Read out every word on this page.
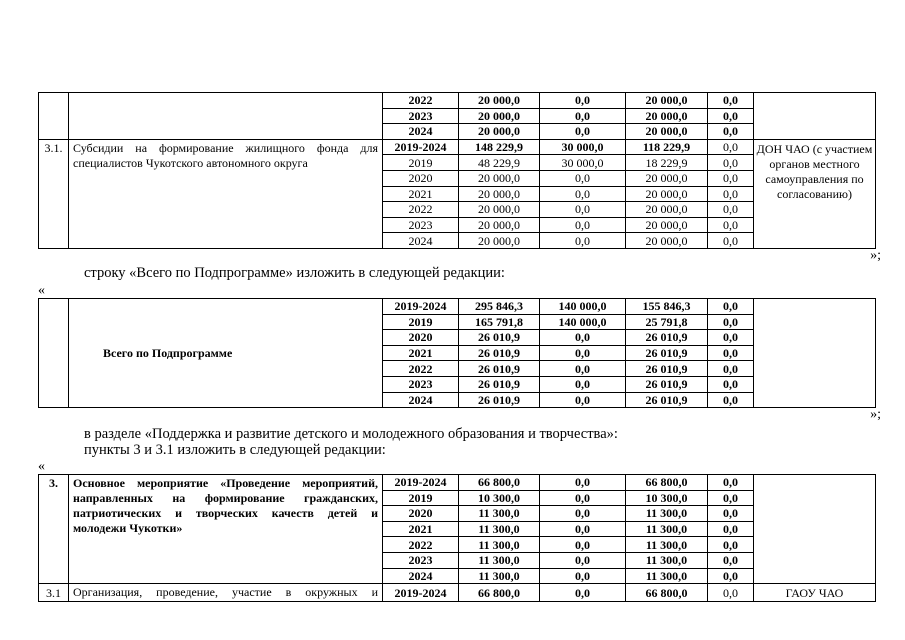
		2022	20 000,0	0,0	20 000,0	0,0	
		2023	20 000,0	0,0	20 000,0	0,0	
		2024	20 000,0	0,0	20 000,0	0,0	
3.1.	Субсидии на формирование жилищного фонда для специалистов Чукотского автономного округа	2019-2024	148 229,9	30 000,0	118 229,9	0,0	ДОН ЧАО (с участием органов местного самоуправления по согласованию)
		2019	48 229,9	30 000,0	18 229,9	0,0	
		2020	20 000,0	0,0	20 000,0	0,0	
		2021	20 000,0	0,0	20 000,0	0,0	
		2022	20 000,0	0,0	20 000,0	0,0	
		2023	20 000,0	0,0	20 000,0	0,0	
		2024	20 000,0	0,0	20 000,0	0,0	
»;
строку «Всего по Подпрограмме» изложить в следующей редакции:
«
	Всего по Подпрограмме	2019-2024	295 846,3	140 000,0	155 846,3	0,0	
		2019	165 791,8	140 000,0	25 791,8	0,0	
		2020	26 010,9	0,0	26 010,9	0,0	
		2021	26 010,9	0,0	26 010,9	0,0	
		2022	26 010,9	0,0	26 010,9	0,0	
		2023	26 010,9	0,0	26 010,9	0,0	
		2024	26 010,9	0,0	26 010,9	0,0	
»;
в разделе «Поддержка и развитие детского и молодежного образования и творчества»:
пункты 3 и 3.1 изложить в следующей редакции:
«
3.	Основное мероприятие «Проведение мероприятий, направленных на формирование гражданских, патриотических и творческих качеств детей и молодежи Чукотки»	2019-2024	66 800,0	0,0	66 800,0	0,0	
		2019	10 300,0	0,0	10 300,0	0,0	
		2020	11 300,0	0,0	11 300,0	0,0	
		2021	11 300,0	0,0	11 300,0	0,0	
		2022	11 300,0	0,0	11 300,0	0,0	
		2023	11 300,0	0,0	11 300,0	0,0	
		2024	11 300,0	0,0	11 300,0	0,0	
3.1	Организация, проведение, участие в окружных и	2019-2024	66 800,0	0,0	66 800,0	0,0	ГАОУ ЧАО
